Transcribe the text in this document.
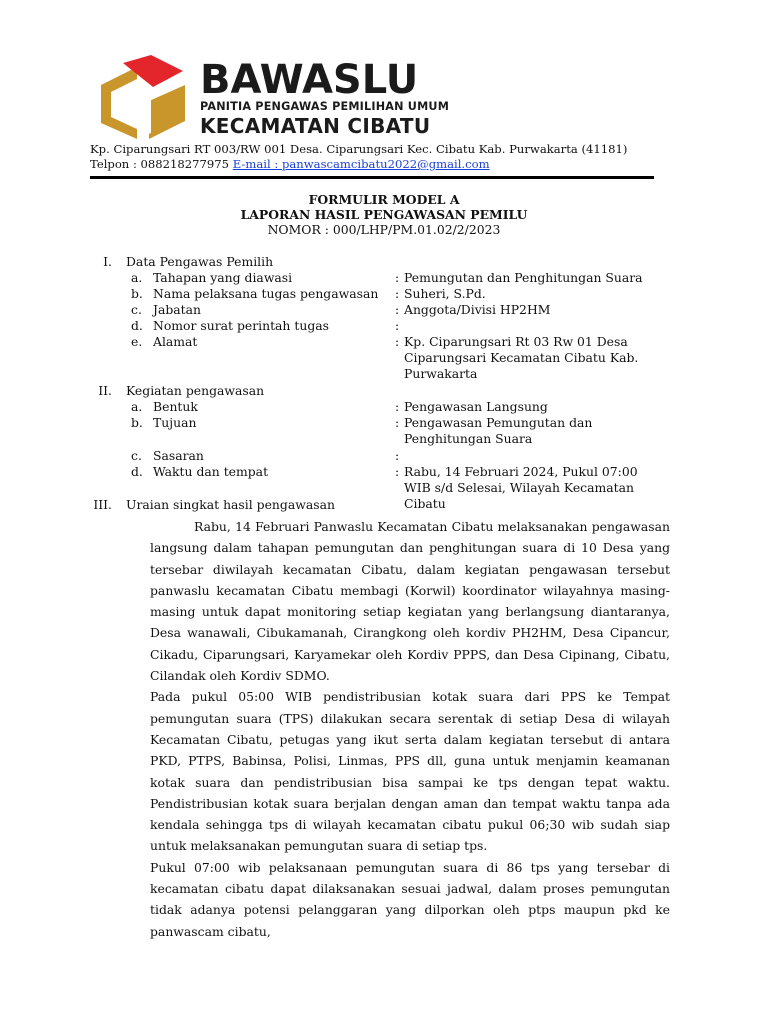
BAWASLU
PANITIA PENGAWAS PEMILIHAN UMUM
KECAMATAN CIBATU
Kp. Ciparungsari RT 003/RW 001 Desa. Ciparungsari Kec. Cibatu Kab. Purwakarta (41181)
Telpon : 088218277975 E-mail : panwascamcibatu2022@gmail.com
FORMULIR MODEL A
LAPORAN HASIL PENGAWASAN PEMILU
NOMOR : 000/LHP/PM.01.02/2/2023
I. Data Pengawas Pemilih
a. Tahapan yang diawasi	: Pemungutan dan Penghitungan Suara
b. Nama pelaksana tugas pengawasan : Suheri, S.Pd.
c. Jabatan	: Anggota/Divisi HP2HM
d. Nomor surat perintah tugas	:
e. Alamat	: Kp. Ciparungsari Rt 03 Rw 01 Desa Ciparungsari Kecamatan Cibatu Kab. Purwakarta
II. Kegiatan pengawasan
a. Bentuk	: Pengawasan Langsung
b. Tujuan	: Pengawasan Pemungutan dan Penghitungan Suara
c. Sasaran	:
d. Waktu dan tempat	: Rabu, 14 Februari 2024, Pukul 07:00 WIB s/d Selesai, Wilayah Kecamatan Cibatu
III. Uraian singkat hasil pengawasan

Rabu, 14 Februari Panwaslu Kecamatan Cibatu melaksanakan pengawasan langsung dalam tahapan pemungutan dan penghitungan suara di 10 Desa yang tersebar diwilayah kecamatan Cibatu, dalam kegiatan pengawasan tersebut panwaslu kecamatan Cibatu membagi (Korwil) koordinator wilayahnya masing-masing untuk dapat monitoring setiap kegiatan yang berlangsung diantaranya, Desa wanawali, Cibukamanah, Cirangkong oleh kordiv PH2HM, Desa Cipancur, Cikadu, Ciparungsari, Karyamekar oleh Kordiv PPPS, dan Desa Cipinang, Cibatu, Cilandak oleh Kordiv SDMO.

Pada pukul 05:00 WIB pendistribusian kotak suara dari PPS ke Tempat pemungutan suara (TPS) dilakukan secara serentak di setiap Desa di wilayah Kecamatan Cibatu, petugas yang ikut serta dalam kegiatan tersebut di antara PKD, PTPS, Babinsa, Polisi, Linmas, PPS dll, guna untuk menjamin keamanan kotak suara dan pendistribusian bisa sampai ke tps dengan tepat waktu. Pendistribusian kotak suara berjalan dengan aman dan tempat waktu tanpa ada kendala sehingga tps di wilayah kecamatan cibatu pukul 06;30 wib sudah siap untuk melaksanakan pemungutan suara di setiap tps.

Pukul 07:00 wib pelaksanaan pemungutan suara di 86 tps yang tersebar di kecamatan cibatu dapat dilaksanakan sesuai jadwal, dalam proses pemungutan tidak adanya potensi pelanggaran yang dilporkan oleh ptps maupun pkd ke panwascam cibatu,
